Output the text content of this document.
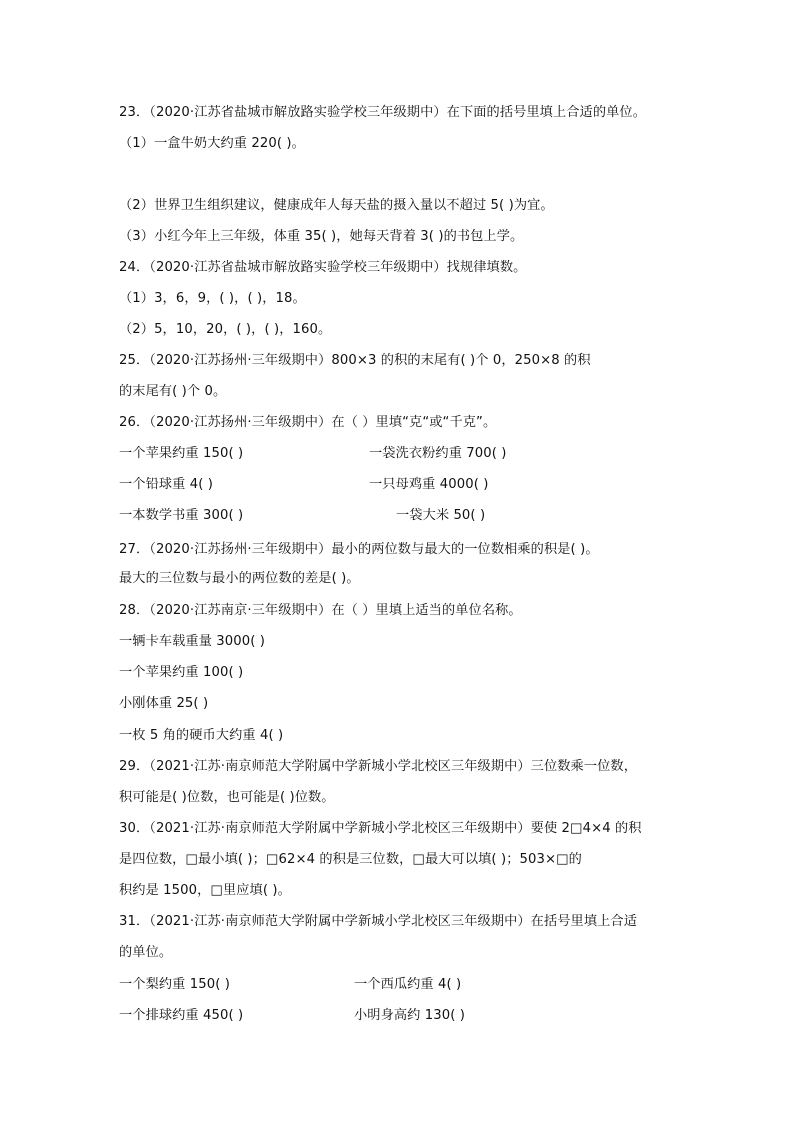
23．（2020·江苏省盐城市解放路实验学校三年级期中）在下面的括号里填上合适的单位。
（1）一盒牛奶大约重 220( )。
（2）世界卫生组织建议，健康成年人每天盐的摄入量以不超过 5( )为宜。
（3）小红今年上三年级，体重 35( )，她每天背着 3( )的书包上学。
24．（2020·江苏省盐城市解放路实验学校三年级期中）找规律填数。
（1）3，6，9，( )，( )，18。
（2）5，10，20，( )，( )，160。
25．（2020·江苏扬州·三年级期中）800×3 的积的末尾有( )个 0，250×8 的积
的末尾有( )个 0。
26．（2020·江苏扬州·三年级期中）在（ ）里填“克“或“千克”。
一个苹果约重 150( )	一袋洗衣粉约重 700( )
一个铅球重 4( )	一只母鸡重 4000( )
一本数学书重 300( )	一袋大米 50( )
27．（2020·江苏扬州·三年级期中）最小的两位数与最大的一位数相乘的积是( )。
最大的三位数与最小的两位数的差是( )。
28．（2020·江苏南京·三年级期中）在（ ）里填上适当的单位名称。
一辆卡车载重量 3000( )
一个苹果约重 100( )
小刚体重 25( )
一枚 5 角的硬币大约重 4( )
29．（2021·江苏·南京师范大学附属中学新城小学北校区三年级期中）三位数乘一位数，
积可能是( )位数，也可能是( )位数。
30．（2021·江苏·南京师范大学附属中学新城小学北校区三年级期中）要使 2□4×4 的积
是四位数，□最小填( )；□62×4 的积是三位数，□最大可以填( )；503×□的
积约是 1500，□里应填( )。
31．（2021·江苏·南京师范大学附属中学新城小学北校区三年级期中）在括号里填上合适
的单位。
一个梨约重 150( )	一个西瓜约重 4( )
一个排球约重 450( )	小明身高约 130( )
